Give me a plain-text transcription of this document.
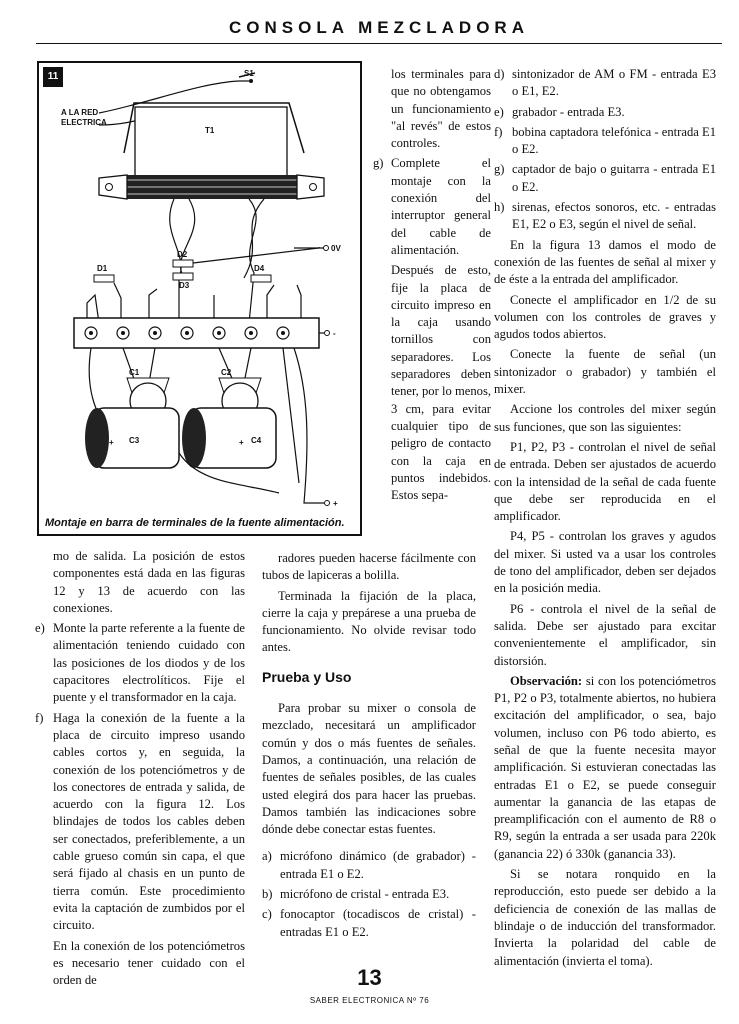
CONSOLA MEZCLADORA
S1
A LA RED
ELECTRICA
T1
D2
D3
D1	D4
0V
-
+
C1	C2
+ C3	+ C4
11
Montaje en barra de terminales de la fuente alimentación.

los terminales para que no obtengamos un funcionamiento "al revés" de estos controles.

g) Complete el montaje con la conexión del interruptor general del cable de alimentación.

Después de esto, fije la placa de circuito impreso en la caja usando tornillos con separadores. Los separadores deben tener, por lo menos, 3 cm, para evitar cualquier tipo de peligro de contacto con la caja en puntos indebidos. Estos sepa-

mo de salida. La posición de estos componentes está dada en las figuras 12 y 13 de acuerdo con las conexiones.

e) Monte la parte referente a la fuente de alimentación teniendo cuidado con las posiciones de los diodos y de los capacitores electrolíticos. Fije el puente y el transformador en la caja.
f) Haga la conexión de la fuente a la placa de circuito impreso usando cables cortos y, en seguida, la conexión de los potenciómetros y de los conectores de entrada y salida, de acuerdo con la figura 12. Los blindajes de todos los cables deben ser conectados, preferiblemente, a un cable grueso común sin capa, el que será fijado al chasis en un punto de tierra común. Este procedimiento evita la captación de zumbidos por el circuito.

En la conexión de los potenciómetros es necesario tener cuidado con el orden de

radores pueden hacerse fácilmente con tubos de lapiceras a bolilla.

Terminada la fijación de la placa, cierre la caja y prepárese a una prueba de funcionamiento. No olvide revisar todo antes.

Prueba y Uso

Para probar su mixer o consola de mezclado, necesitará un amplificador común y dos o más fuentes de señales. Damos, a continuación, una relación de fuentes de señales posibles, de las cuales usted elegirá dos para hacer las pruebas. Damos también las indicaciones sobre dónde debe conectar estas fuentes.

a) micrófono dinámico (de grabador) - entrada E1 o E2.
b) micrófono de cristal - entrada E3.
c) fonocaptor (tocadiscos de cristal) - entradas E1 o E2.
d) sintonizador de AM o FM - entrada E3 o E1, E2.
e) grabador - entrada E3.
f) bobina captadora telefónica - entrada E1 o E2.
g) captador de bajo o guitarra - entrada E1 o E2.
h) sirenas, efectos sonoros, etc. - entradas E1, E2 o E3, según el nivel de señal.

En la figura 13 damos el modo de conexión de las fuentes de señal al mixer y de éste a la entrada del amplificador.

Conecte el amplificador en 1/2 de su volumen con los controles de graves y agudos todos abiertos.

Conecte la fuente de señal (un sintonizador o grabador) y también el mixer.

Accione los controles del mixer según sus funciones, que son las siguientes:

P1, P2, P3 - controlan el nivel de señal de entrada. Deben ser ajustados de acuerdo con la intensidad de la señal de cada fuente que debe ser reproducida en el amplificador.

P4, P5 - controlan los graves y agudos del mixer. Si usted va a usar los controles de tono del amplificador, deben ser dejados en la posición media.

P6 - controla el nivel de la señal de salida. Debe ser ajustado para excitar convenientemente el amplificador, sin distorsión.

Observación: si con los potenciómetros P1, P2 o P3, totalmente abiertos, no hubiera excitación del amplificador, o sea, bajo volumen, incluso con P6 todo abierto, es señal de que la fuente necesita mayor amplificación. Si estuvieran conectadas las entradas E1 o E2, se puede conseguir aumentar la ganancia de las etapas de preamplificación con el aumento de R8 o R9, según la entrada a ser usada para 220k (ganancia 22) ó 330k (ganancia 33).

Si se notara ronquido en la reproducción, esto puede ser debido a la deficiencia de conexión de las mallas de blindaje o de inducción del transformador. Invierta la polaridad del cable de alimentación (invierta el toma).

13
SABER ELECTRONICA Nº 76
